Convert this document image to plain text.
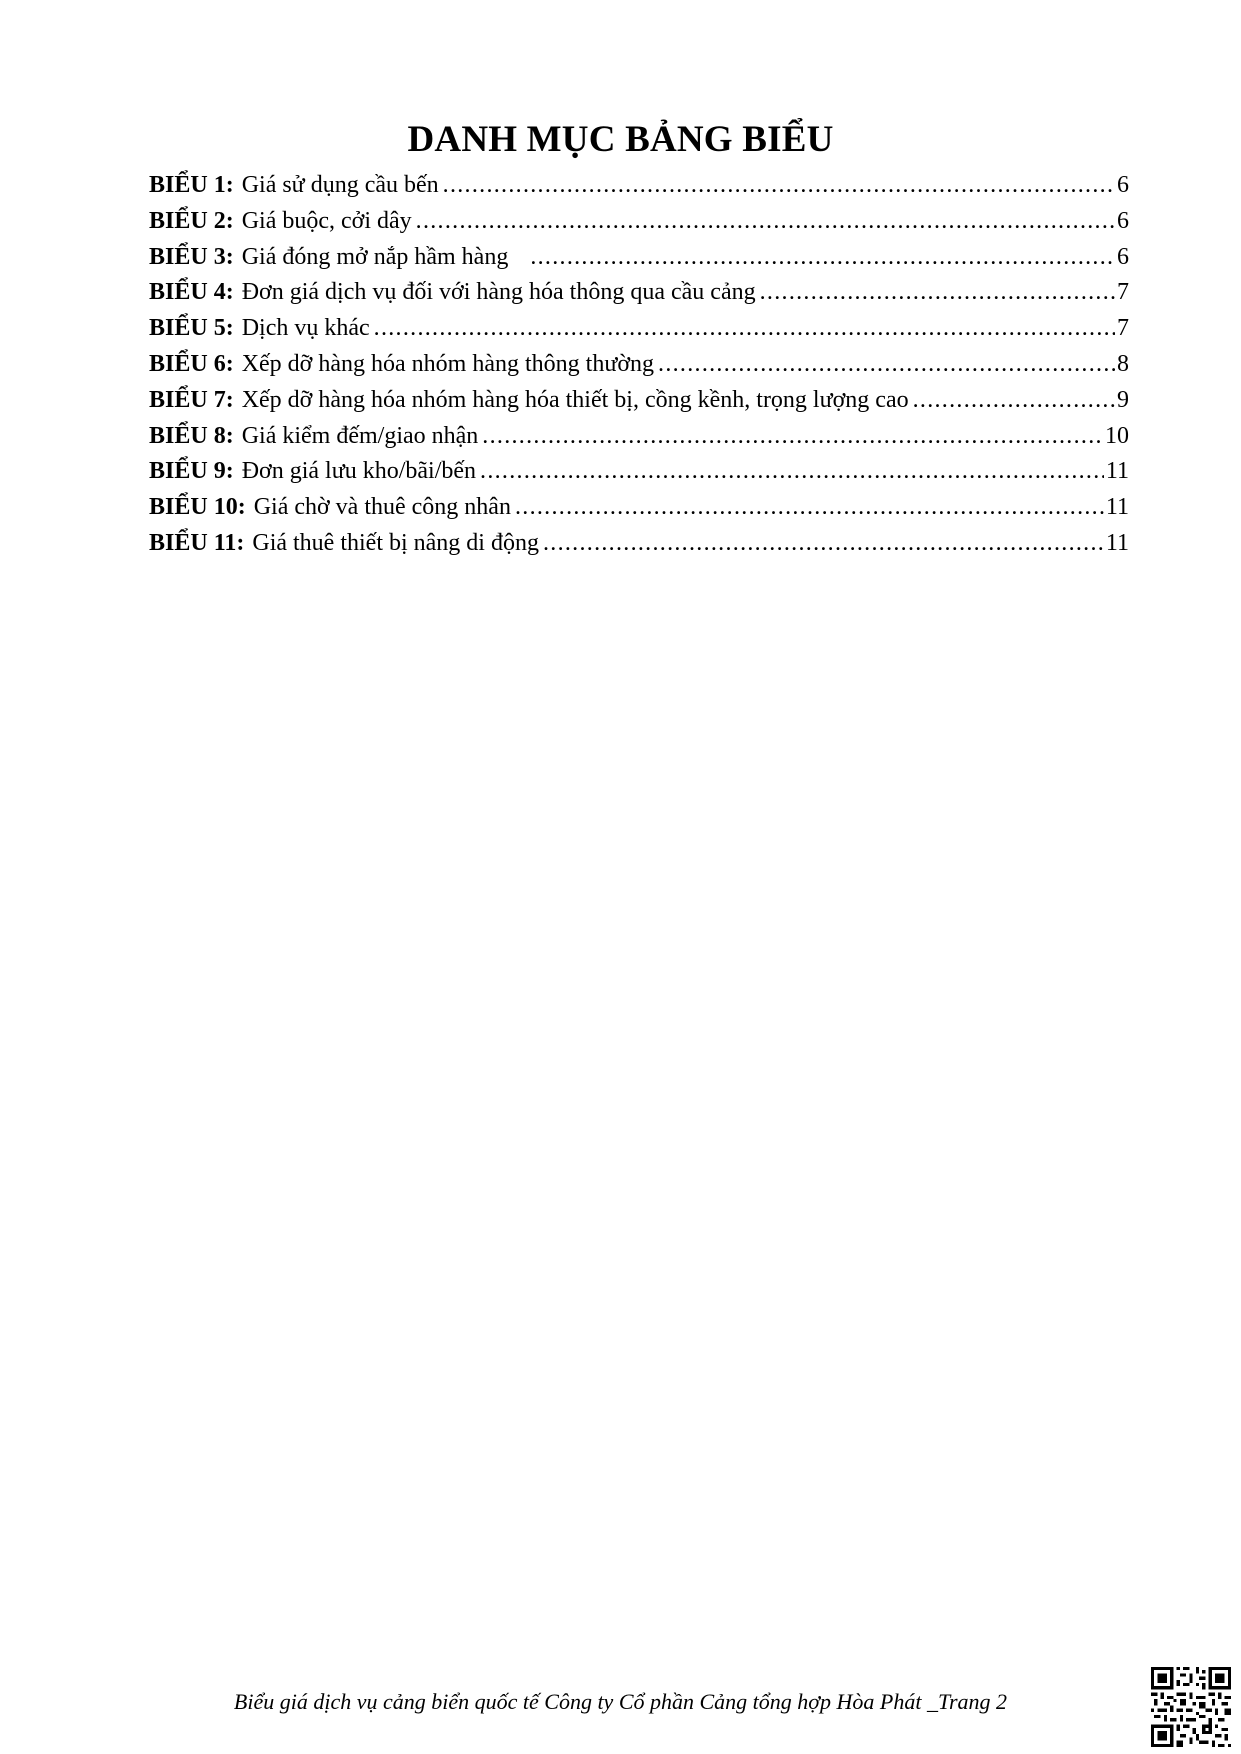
DANH MỤC BẢNG BIỂU
BIỂU 1: Giá sử dụng cầu bến .....	6
BIỂU 2: Giá buộc, cởi dây .....	6
BIỂU 3: Giá đóng mở nắp hầm hàng .....	6
BIỂU 4: Đơn giá dịch vụ đối với hàng hóa thông qua cầu cảng .....	7
BIỂU 5: Dịch vụ khác .....	7
BIỂU 6: Xếp dỡ hàng hóa nhóm hàng thông thường .....	8
BIỂU 7: Xếp dỡ hàng hóa nhóm hàng hóa thiết bị, cồng kềnh, trọng lượng cao .....	9
BIỂU 8: Giá kiểm đếm/giao nhận .....	10
BIỂU 9: Đơn giá lưu kho/bãi/bến .....	11
BIỂU 10: Giá chờ và thuê công nhân .....	11
BIỂU 11: Giá thuê thiết bị nâng di động .....	11
Biểu giá dịch vụ cảng biển quốc tế Công ty Cổ phần Cảng tổng hợp Hòa Phát _Trang 2
